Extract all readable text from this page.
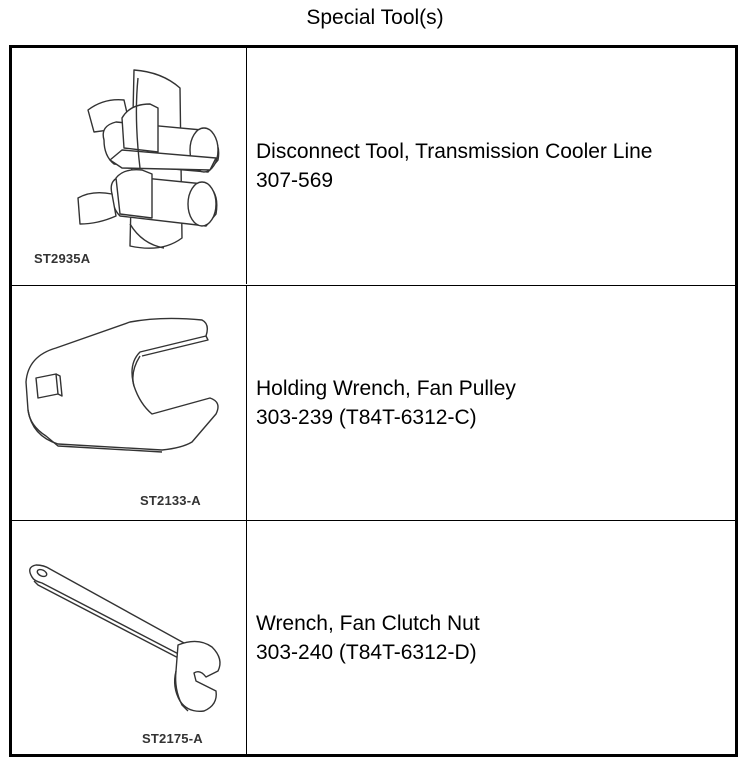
Special Tool(s)
ST2935A
Disconnect Tool, Transmission Cooler Line
307-569
ST2133-A
Holding Wrench, Fan Pulley
303-239 (T84T-6312-C)
ST2175-A
Wrench, Fan Clutch Nut
303-240 (T84T-6312-D)
